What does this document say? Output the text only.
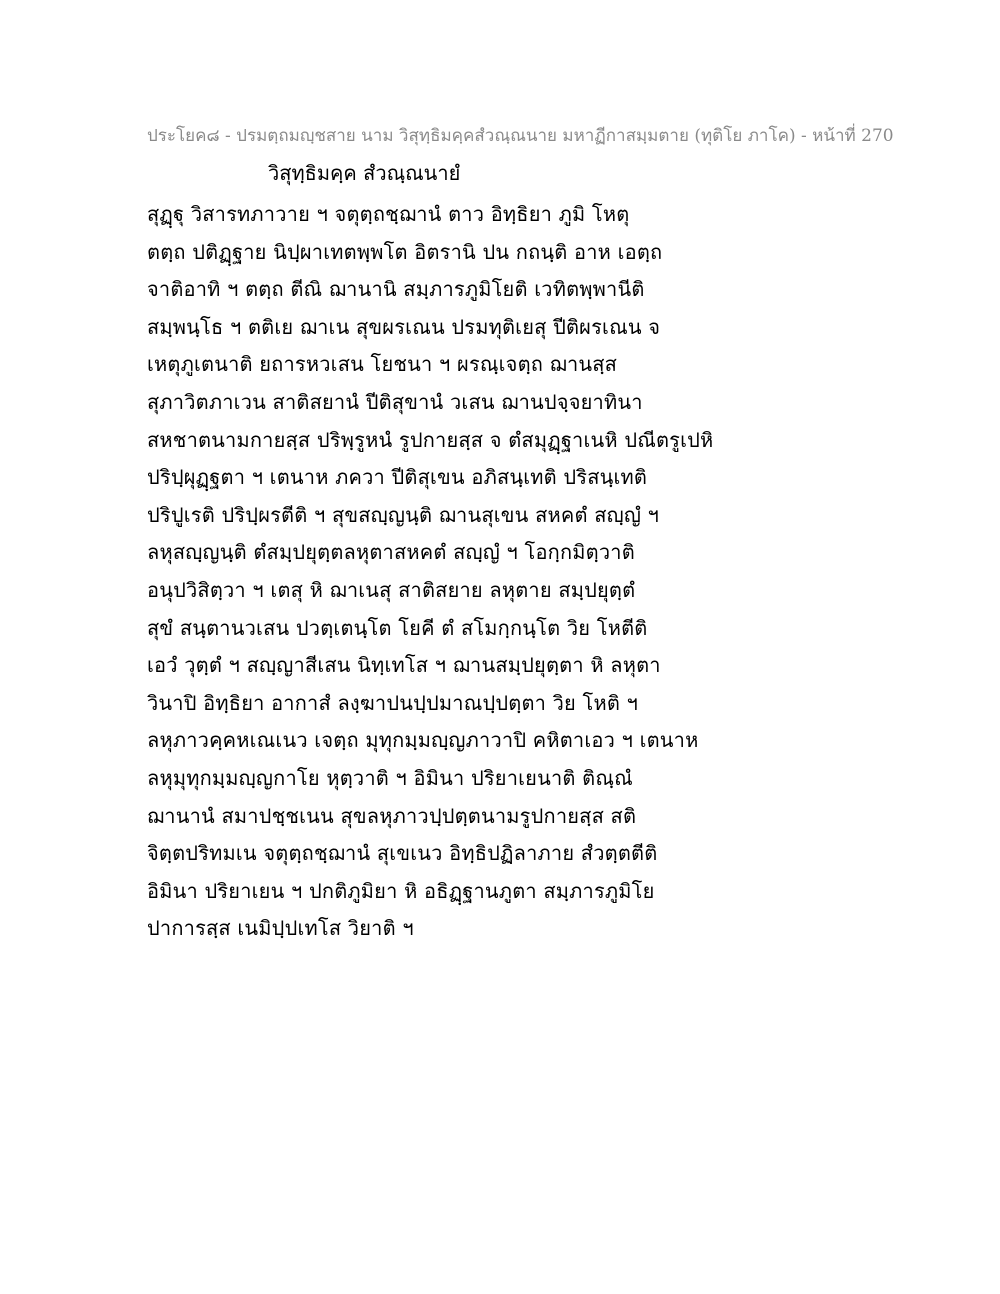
ประโยค๘ - ปรมตฺถมญฺชสาย นาม วิสุทฺธิมคฺคสํวณฺณนาย มหาฏีกาสมฺมตาย (ทุติโย ภาโค) - หน้าที่ 270
วิสุทฺธิมคฺค สํวณฺณนายํ
สุฏฺฐุ วิสารทภาวาย ฯ จตุตฺถชฺฌานํ ตาว อิทฺธิยา ภูมิ โหตุ
ตตฺถ ปติฏฺฐาย นิปฺผาเทตพฺพโต อิตรานิ ปน กถนฺติ อาห เอตฺถ
จาติอาทิ ฯ ตตฺถ ตีณิ ฌานานิ สมฺภารภูมิโยติ เวทิตพฺพานีติ
สมฺพนฺโธ ฯ ตติเย ฌาเน สุขผรเณน ปรมทุติเยสุ ปีติผรเณน จ
เหตุภูเตนาติ ยถารหวเสน โยชนา ฯ ผรณฺเจตฺถ ฌานสฺส
สุภาวิตภาเวน สาติสยานํ ปีติสุขานํ วเสน ฌานปจฺจยาทินา
สหชาตนามกายสฺส ปริพฺรูหนํ รูปกายสฺส จ ตํสมุฏฺฐาเนหิ ปณีตรูเปหิ
ปริปฺผุฏฺฐตา ฯ เตนาห ภควา ปีติสุเขน อภิสนฺเทติ ปริสนฺเทติ
ปริปูเรติ ปริปฺผรตีติ ฯ สุขสญฺญนฺติ ฌานสุเขน สหคตํ สญฺญํ ฯ
ลหุสญฺญนฺติ ตํสมฺปยุตฺตลหุตาสหคตํ สญฺญํ ฯ โอกฺกมิตฺวาติ
อนุปวิสิตฺวา ฯ เตสุ หิ ฌาเนสุ สาติสยาย ลหุตาย สมฺปยุตฺตํ
สุขํ สนฺตานวเสน ปวตฺเตนฺโต โยคี ตํ สโมกฺกนฺโต วิย โหตีติ
เอวํ วุตฺตํ ฯ สญฺญาสีเสน นิทฺเทโส ฯ ฌานสมฺปยุตฺตา หิ ลหุตา
วินาปิ อิทฺธิยา อากาสํ ลงฺฆาปนปฺปมาณปฺปตฺตา วิย โหติ ฯ
ลหุภาวคฺคหเณเนว เจตฺถ มุทุกมฺมญฺญภาวาปิ คหิตาเอว ฯ เตนาห
ลหุมุทุกมฺมญฺญกาโย หุตฺวาติ ฯ อิมินา ปริยาเยนาติ ติณฺณํ
ฌานานํ สมาปชฺชเนน สุขลหุภาวปฺปตฺตนามรูปกายสฺส สติ
จิตฺตปริทมเน จตุตฺถชฺฌานํ สุเขเนว อิทฺธิปฏิลาภาย สํวตฺตตีติ
อิมินา ปริยาเยน ฯ ปกติภูมิยา หิ อธิฏฺฐานภูตา สมฺภารภูมิโย
ปาการสฺส เนมิปฺปเทโส วิยาติ ฯ
